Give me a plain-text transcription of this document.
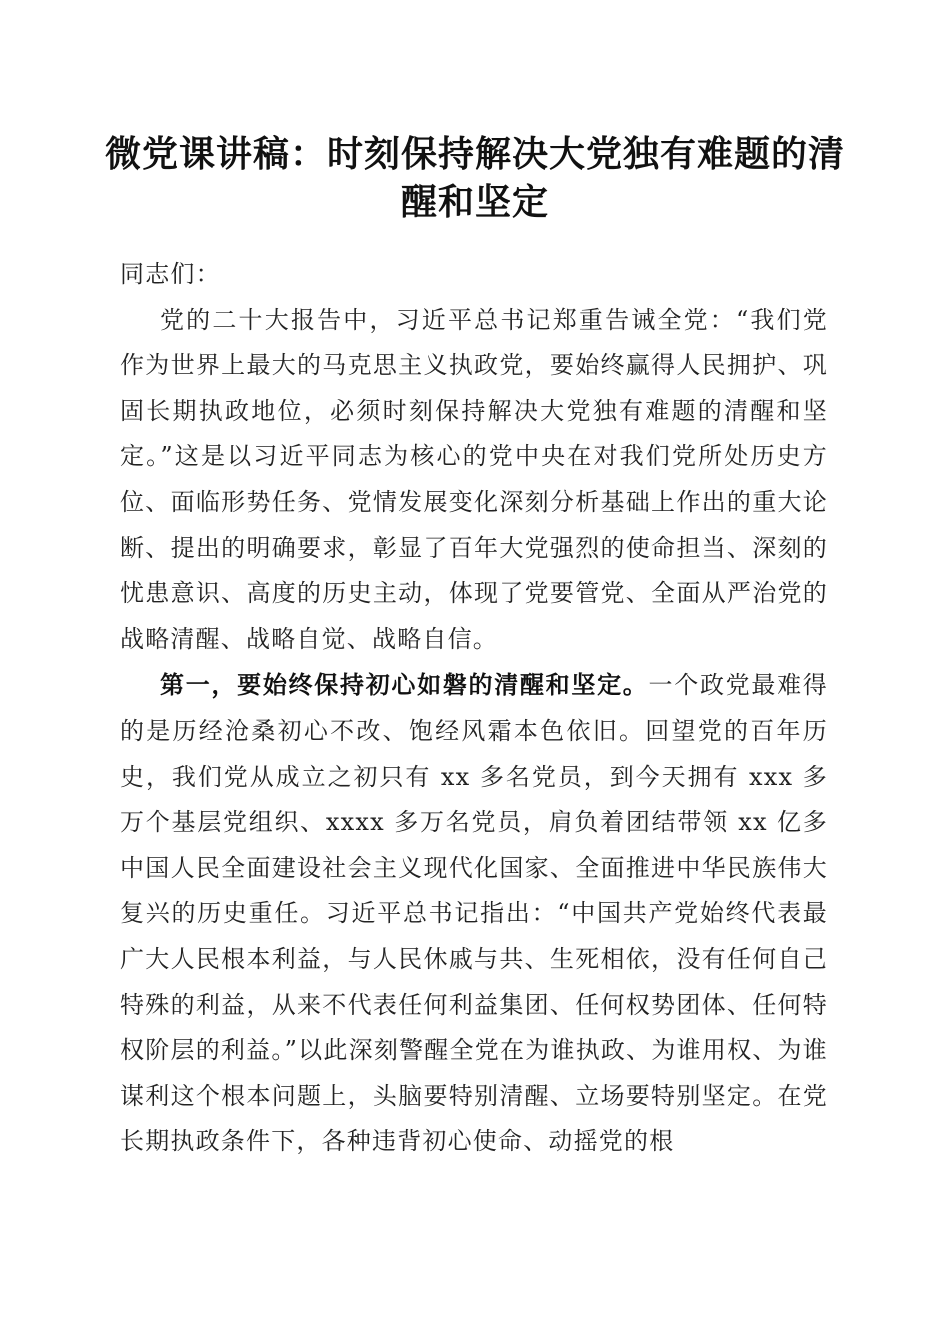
微党课讲稿：时刻保持解决大党独有难题的清醒和坚定

同志们：

党的二十大报告中，习近平总书记郑重告诫全党：“我们党作为世界上最大的马克思主义执政党，要始终赢得人民拥护、巩固长期执政地位，必须时刻保持解决大党独有难题的清醒和坚定。”这是以习近平同志为核心的党中央在对我们党所处历史方位、面临形势任务、党情发展变化深刻分析基础上作出的重大论断、提出的明确要求，彰显了百年大党强烈的使命担当、深刻的忧患意识、高度的历史主动，体现了党要管党、全面从严治党的战略清醒、战略自觉、战略自信。

第一，要始终保持初心如磐的清醒和坚定。一个政党最难得的是历经沧桑初心不改、饱经风霜本色依旧。回望党的百年历史，我们党从成立之初只有 xx 多名党员，到今天拥有 xxx 多万个基层党组织、xxxx 多万名党员，肩负着团结带领 xx 亿多中国人民全面建设社会主义现代化国家、全面推进中华民族伟大复兴的历史重任。习近平总书记指出：“中国共产党始终代表最广大人民根本利益，与人民休戚与共、生死相依，没有任何自己特殊的利益，从来不代表任何利益集团、任何权势团体、任何特权阶层的利益。”以此深刻警醒全党在为谁执政、为谁用权、为谁谋利这个根本问题上，头脑要特别清醒、立场要特别坚定。在党长期执政条件下，各种违背初心使命、动摇党的根
